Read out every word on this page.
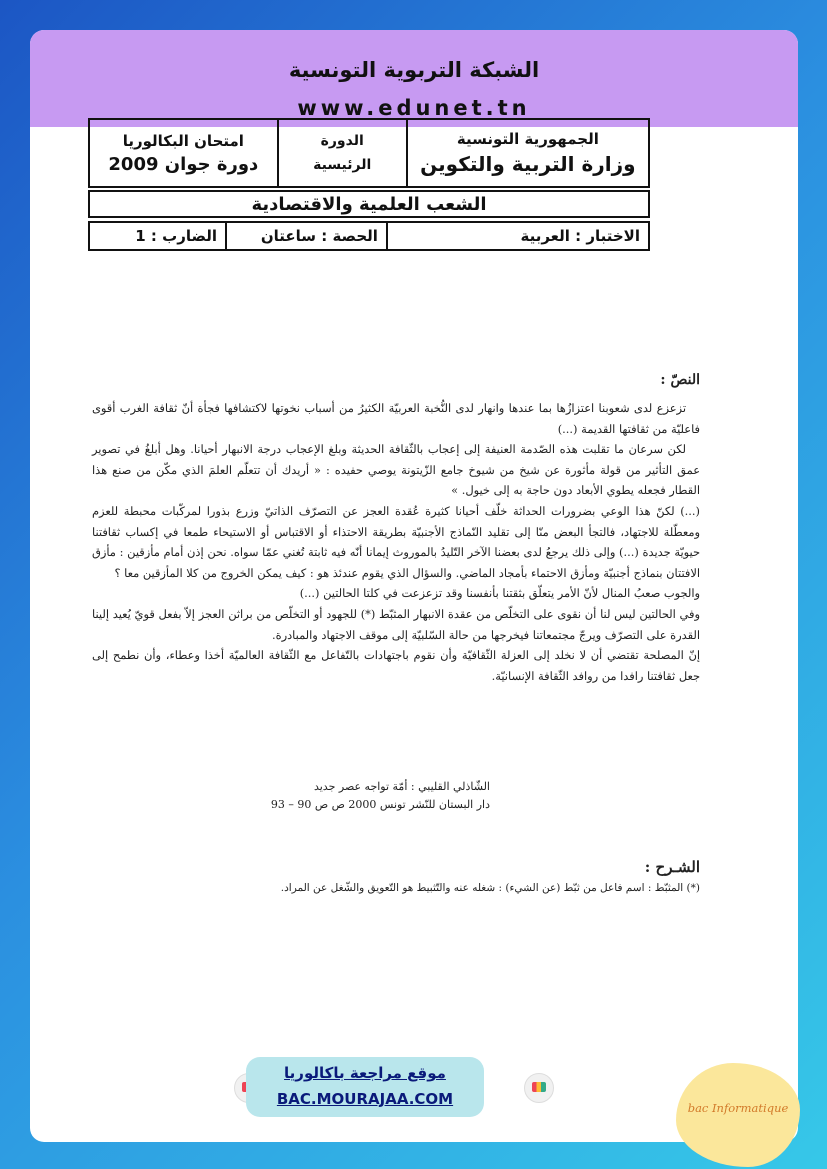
الشبكة التربوية التونسية
www.edunet.tn
الجمهورية التونسية
وزارة التربية والتكوين
الدورة
الرئيسية
امتحان البكالوريا
دورة جوان 2009
الشعب العلمية والاقتصادية
الاختبار : العربية
الحصة : ساعتان
الضارب : 1
النصّ :

تزعزع لدى شعوبنا اعتزازُها بما عندها وانهار لدى النُّخبة العربيّة الكثيرُ من أسباب نخوتها لاكتشافها فجأة أنّ ثقافة الغرب أقوى فاعليّة من ثقافتها القديمة (...)

لكن سرعان ما تقلبت هذه الصّدمة العنيفة إلى إعجاب بالثّقافة الحديثة وبلغ الإعجاب درجة الانبهار أحيانا. وهل أبلغُ في تصوير عمق التأثير من قولة مأثورة عن شيخ من شيوخ جامع الزّيتونة يوصي حفيده : « أريدك أن تتعلّم العلمَ الذي مكّن من صنع هذا القطار فجعله يطوي الأبعاد دون حاجة به إلى خيول. »

(...) لكنّ هذا الوعي بضرورات الحداثة خلّف أحيانا كثيرة عُقدة العجز عن التصرّف الذاتيّ وزرع بذورا لمركّبات محبطة للعزم ومعطّلة للاجتهاد، فالتجأ البعض منّا إلى تقليد النّماذج الأجنبيّة بطريقة الاحتذاء أو الاقتباس أو الاستيحاء طمعا في إكساب ثقافتنا حيويّة جديدة (...) وإلى ذلك يرجعُ لدى بعضنا الآخر التّليدُ بالموروث إيمانا أنّه فيه ثابتة تُغني عمّا سواه. نحن إذن أمام مأزقين : مأزق الافتتان بنماذج أجنبيّة ومأزق الاحتماء بأمجاد الماضي. والسؤال الذي يقوم عندئذ هو : كيف يمكن الخروج من كلا المأزقين معا ؟

والجوب صعبُ المنال لأنّ الأمر يتعلّق بثقتنا بأنفسنا وقد تزعزعت في كلتا الحالتين (...)

وفي الحالتين ليس لنا أن نقوى على التخلّص من عقدة الانبهار المثبّط (*) للجهود أو التخلّص من براثن العجز إلاّ بفعل قويّ يُعيد إلينا القدرة على التصرّف ويرجّ مجتمعاتنا فيخرجها من حالة السّلبيّة إلى موقف الاجتهاد والمبادرة.

إنّ المصلحة تقتضي أن لا نخلد إلى العزلة الثّقافيّة وأن نقوم باجتهادات بالتّفاعل مع الثّقافة العالميّة أخذا وعطاء، وأن نطمح إلى جعل ثقافتنا رافدا من روافد الثّقافة الإنسانيّة.

الشّاذلي القليبي : أمّة تواجه عصر جديد
دار البستان للنّشر تونس 2000 ص ص 90 – 93
الشـرح :
(*) المثبّط : اسم فاعل من ثبّط (عن الشيء) : شغله عنه والتّثبيط هو التّعويق والشّغل عن المراد.
موقع مراجعة باكالوريا
BAC.MOURAJAA.COM	bac Informatique
